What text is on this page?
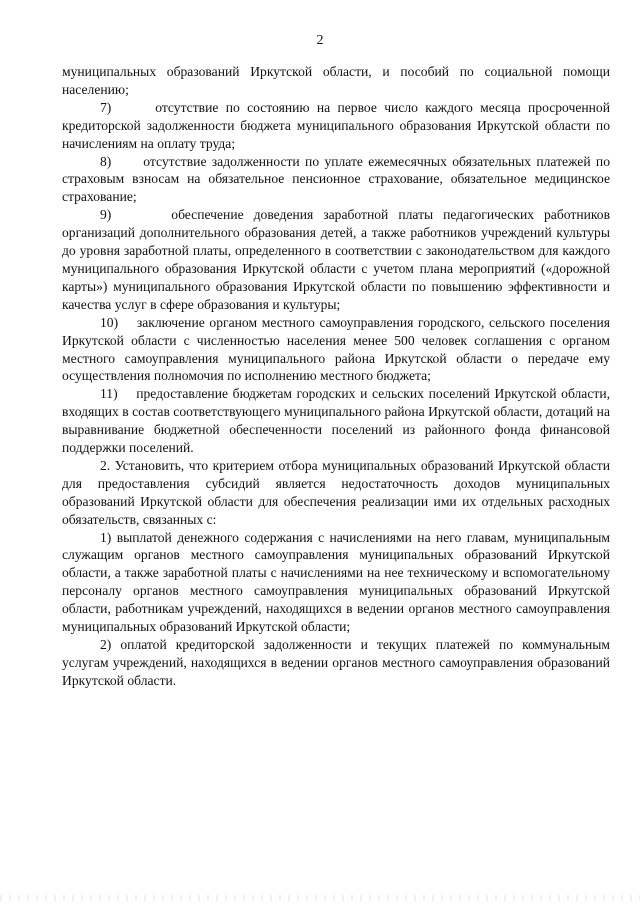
2

муниципальных образований Иркутской области, и пособий по социальной помощи населению;

7)      отсутствие по состоянию на первое число каждого месяца просроченной кредиторской задолженности бюджета муниципального образования Иркутской области по начислениям на оплату труда;

8)      отсутствие задолженности по уплате ежемесячных обязательных платежей по страховым взносам на обязательное пенсионное страхование, обязательное медицинское страхование;

9)      обеспечение доведения заработной платы педагогических работников организаций дополнительного образования детей, а также работников учреждений культуры до уровня заработной платы, определенного в соответствии с законодательством для каждого муниципального образования Иркутской области с учетом плана мероприятий («дорожной карты») муниципального образования Иркутской области по повышению эффективности и качества услуг в сфере образования и культуры;

10)    заключение органом местного самоуправления городского, сельского поселения Иркутской области с численностью населения менее 500 человек соглашения с органом местного самоуправления муниципального района Иркутской области о передаче ему осуществления полномочия по исполнению местного бюджета;

11)    предоставление бюджетам городских и сельских поселений Иркутской области, входящих в состав соответствующего муниципального района Иркутской области, дотаций на выравнивание бюджетной обеспеченности поселений из районного фонда финансовой поддержки поселений.

2. Установить, что критерием отбора муниципальных образований Иркутской области для предоставления субсидий является недостаточность доходов муниципальных образований Иркутской области для обеспечения реализации ими их отдельных расходных обязательств, связанных с:

1) выплатой денежного содержания с начислениями на него главам, муниципальным служащим органов местного самоуправления муниципальных образований Иркутской области, а также заработной платы с начислениями на нее техническому и вспомогательному персоналу органов местного самоуправления муниципальных образований Иркутской области, работникам учреждений, находящихся в ведении органов местного самоуправления муниципальных образований Иркутской области;

2) оплатой кредиторской задолженности и текущих платежей по коммунальным услугам учреждений, находящихся в ведении органов местного самоуправления образований Иркутской области.
